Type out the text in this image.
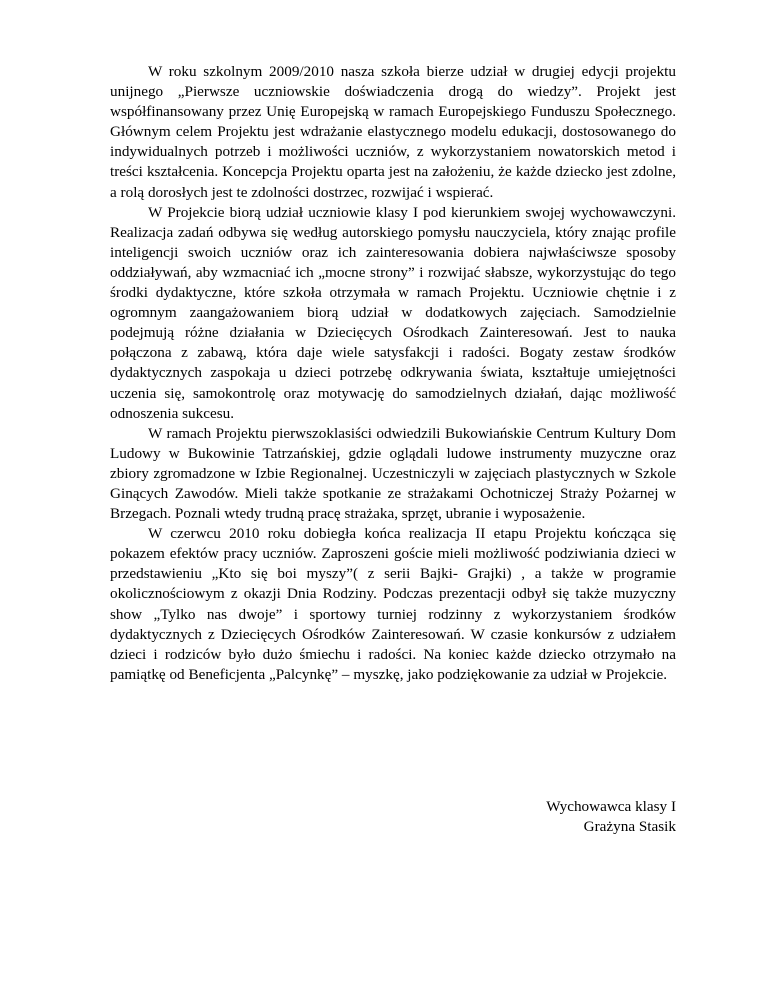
W roku szkolnym 2009/2010 nasza szkoła bierze udział w drugiej edycji projektu unijnego „Pierwsze uczniowskie doświadczenia drogą do wiedzy”. Projekt jest współfinansowany przez Unię Europejską w ramach Europejskiego Funduszu Społecznego. Głównym celem Projektu jest wdrażanie elastycznego modelu edukacji, dostosowanego do indywidualnych potrzeb i możliwości uczniów, z wykorzystaniem nowatorskich metod i treści kształcenia. Koncepcja Projektu oparta jest na założeniu, że każde dziecko jest zdolne, a rolą dorosłych jest te zdolności dostrzec, rozwijać i wspierać.

W Projekcie biorą udział uczniowie klasy I pod kierunkiem swojej wychowawczyni. Realizacja zadań odbywa się według autorskiego pomysłu nauczyciela, który znając profile inteligencji swoich uczniów oraz ich zainteresowania dobiera najwłaściwsze sposoby oddziaływań, aby wzmacniać ich „mocne strony” i rozwijać słabsze, wykorzystując do tego środki dydaktyczne, które szkoła otrzymała w ramach Projektu. Uczniowie chętnie i z ogromnym zaangażowaniem biorą udział w dodatkowych zajęciach. Samodzielnie podejmują różne działania w Dziecięcych Ośrodkach Zainteresowań. Jest to nauka połączona z zabawą, która daje wiele satysfakcji i radości. Bogaty zestaw środków dydaktycznych zaspokaja u dzieci potrzebę odkrywania świata, kształtuje umiejętności uczenia się, samokontrolę oraz motywację do samodzielnych działań, dając możliwość odnoszenia sukcesu.

W ramach Projektu pierwszoklasiści odwiedzili Bukowiańskie Centrum Kultury Dom Ludowy w Bukowinie Tatrzańskiej, gdzie oglądali ludowe instrumenty muzyczne oraz zbiory zgromadzone w Izbie Regionalnej. Uczestniczyli w zajęciach plastycznych w Szkole Ginących Zawodów. Mieli także spotkanie ze strażakami Ochotniczej Straży Pożarnej w Brzegach. Poznali wtedy trudną pracę strażaka, sprzęt, ubranie i wyposażenie.

W czerwcu 2010 roku dobiegła końca realizacja II etapu Projektu kończąca się pokazem efektów pracy uczniów. Zaproszeni goście mieli możliwość podziwiania dzieci w przedstawieniu „Kto się boi myszy”( z serii Bajki- Grajki) , a także w programie okolicznościowym z okazji Dnia Rodziny. Podczas prezentacji odbył się także muzyczny show „Tylko nas dwoje” i sportowy turniej rodzinny z wykorzystaniem środków dydaktycznych z Dziecięcych Ośrodków Zainteresowań. W czasie konkursów z udziałem dzieci i rodziców było dużo śmiechu i radości. Na koniec każde dziecko otrzymało na pamiątkę od Beneficjenta „Palcynkę” – myszkę, jako podziękowanie za udział w Projekcie.

Wychowawca klasy I
Grażyna Stasik
